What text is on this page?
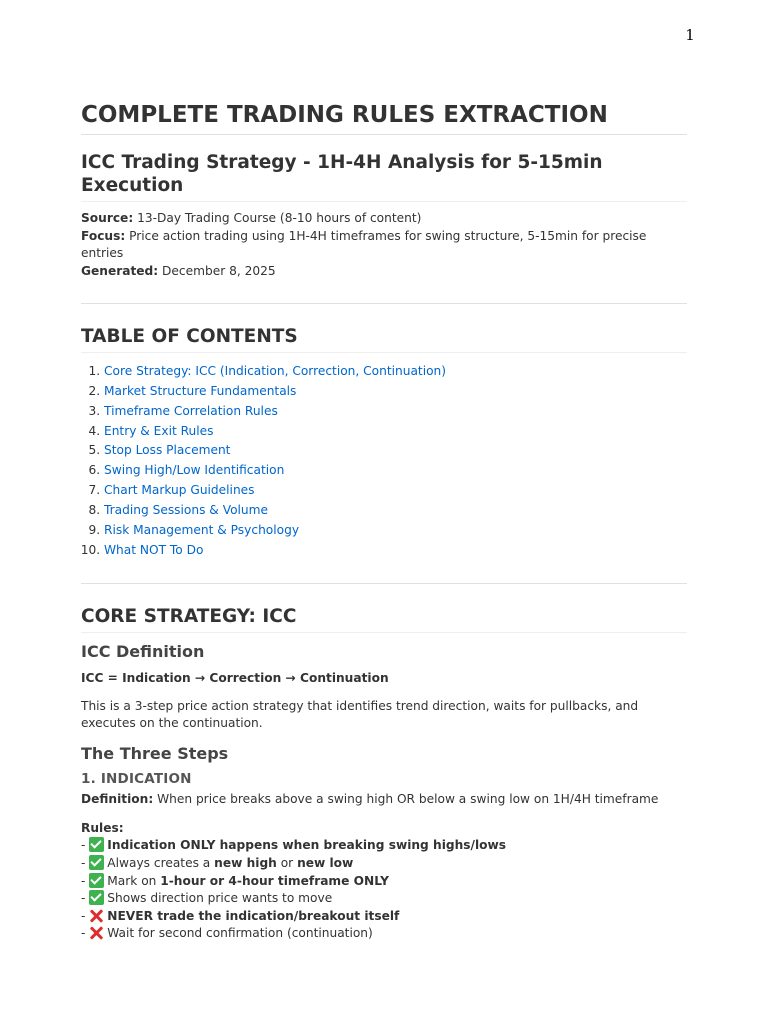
1
COMPLETE TRADING RULES EXTRACTION
ICC Trading Strategy - 1H-4H Analysis for 5-15min Execution
Source: 13-Day Trading Course (8-10 hours of content)
Focus: Price action trading using 1H-4H timeframes for swing structure, 5-15min for precise entries
Generated: December 8, 2025
TABLE OF CONTENTS
1. Core Strategy: ICC (Indication, Correction, Continuation)
2. Market Structure Fundamentals
3. Timeframe Correlation Rules
4. Entry & Exit Rules
5. Stop Loss Placement
6. Swing High/Low Identification
7. Chart Markup Guidelines
8. Trading Sessions & Volume
9. Risk Management & Psychology
10. What NOT To Do
CORE STRATEGY: ICC
ICC Definition

ICC = Indication → Correction → Continuation

This is a 3-step price action strategy that identifies trend direction, waits for pullbacks, and executes on the continuation.

The Three Steps
1. INDICATION

Definition: When price breaks above a swing high OR below a swing low on 1H/4H timeframe

Rules:

- Indication ONLY happens when breaking swing highs/lows
- Always creates a new high or new low
- Mark on 1-hour or 4-hour timeframe ONLY
- Shows direction price wants to move
- NEVER trade the indication/breakout itself
- Wait for second confirmation (continuation)
